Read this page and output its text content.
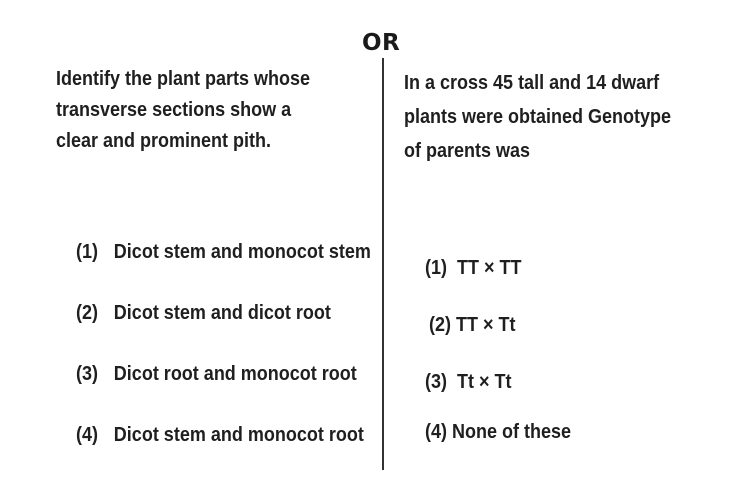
OR
Identify the plant parts whose
transverse sections show a
clear and prominent pith.

(1) Dicot stem and monocot stem

(2) Dicot stem and dicot root

(3) Dicot root and monocot root

(4) Dicot stem and monocot root

In a cross 45 tall and 14 dwarf
plants were obtained Genotype
of parents was

(1)  TT × TT

(2) TT × Tt

(3)  Tt × Tt

(4) None of these
